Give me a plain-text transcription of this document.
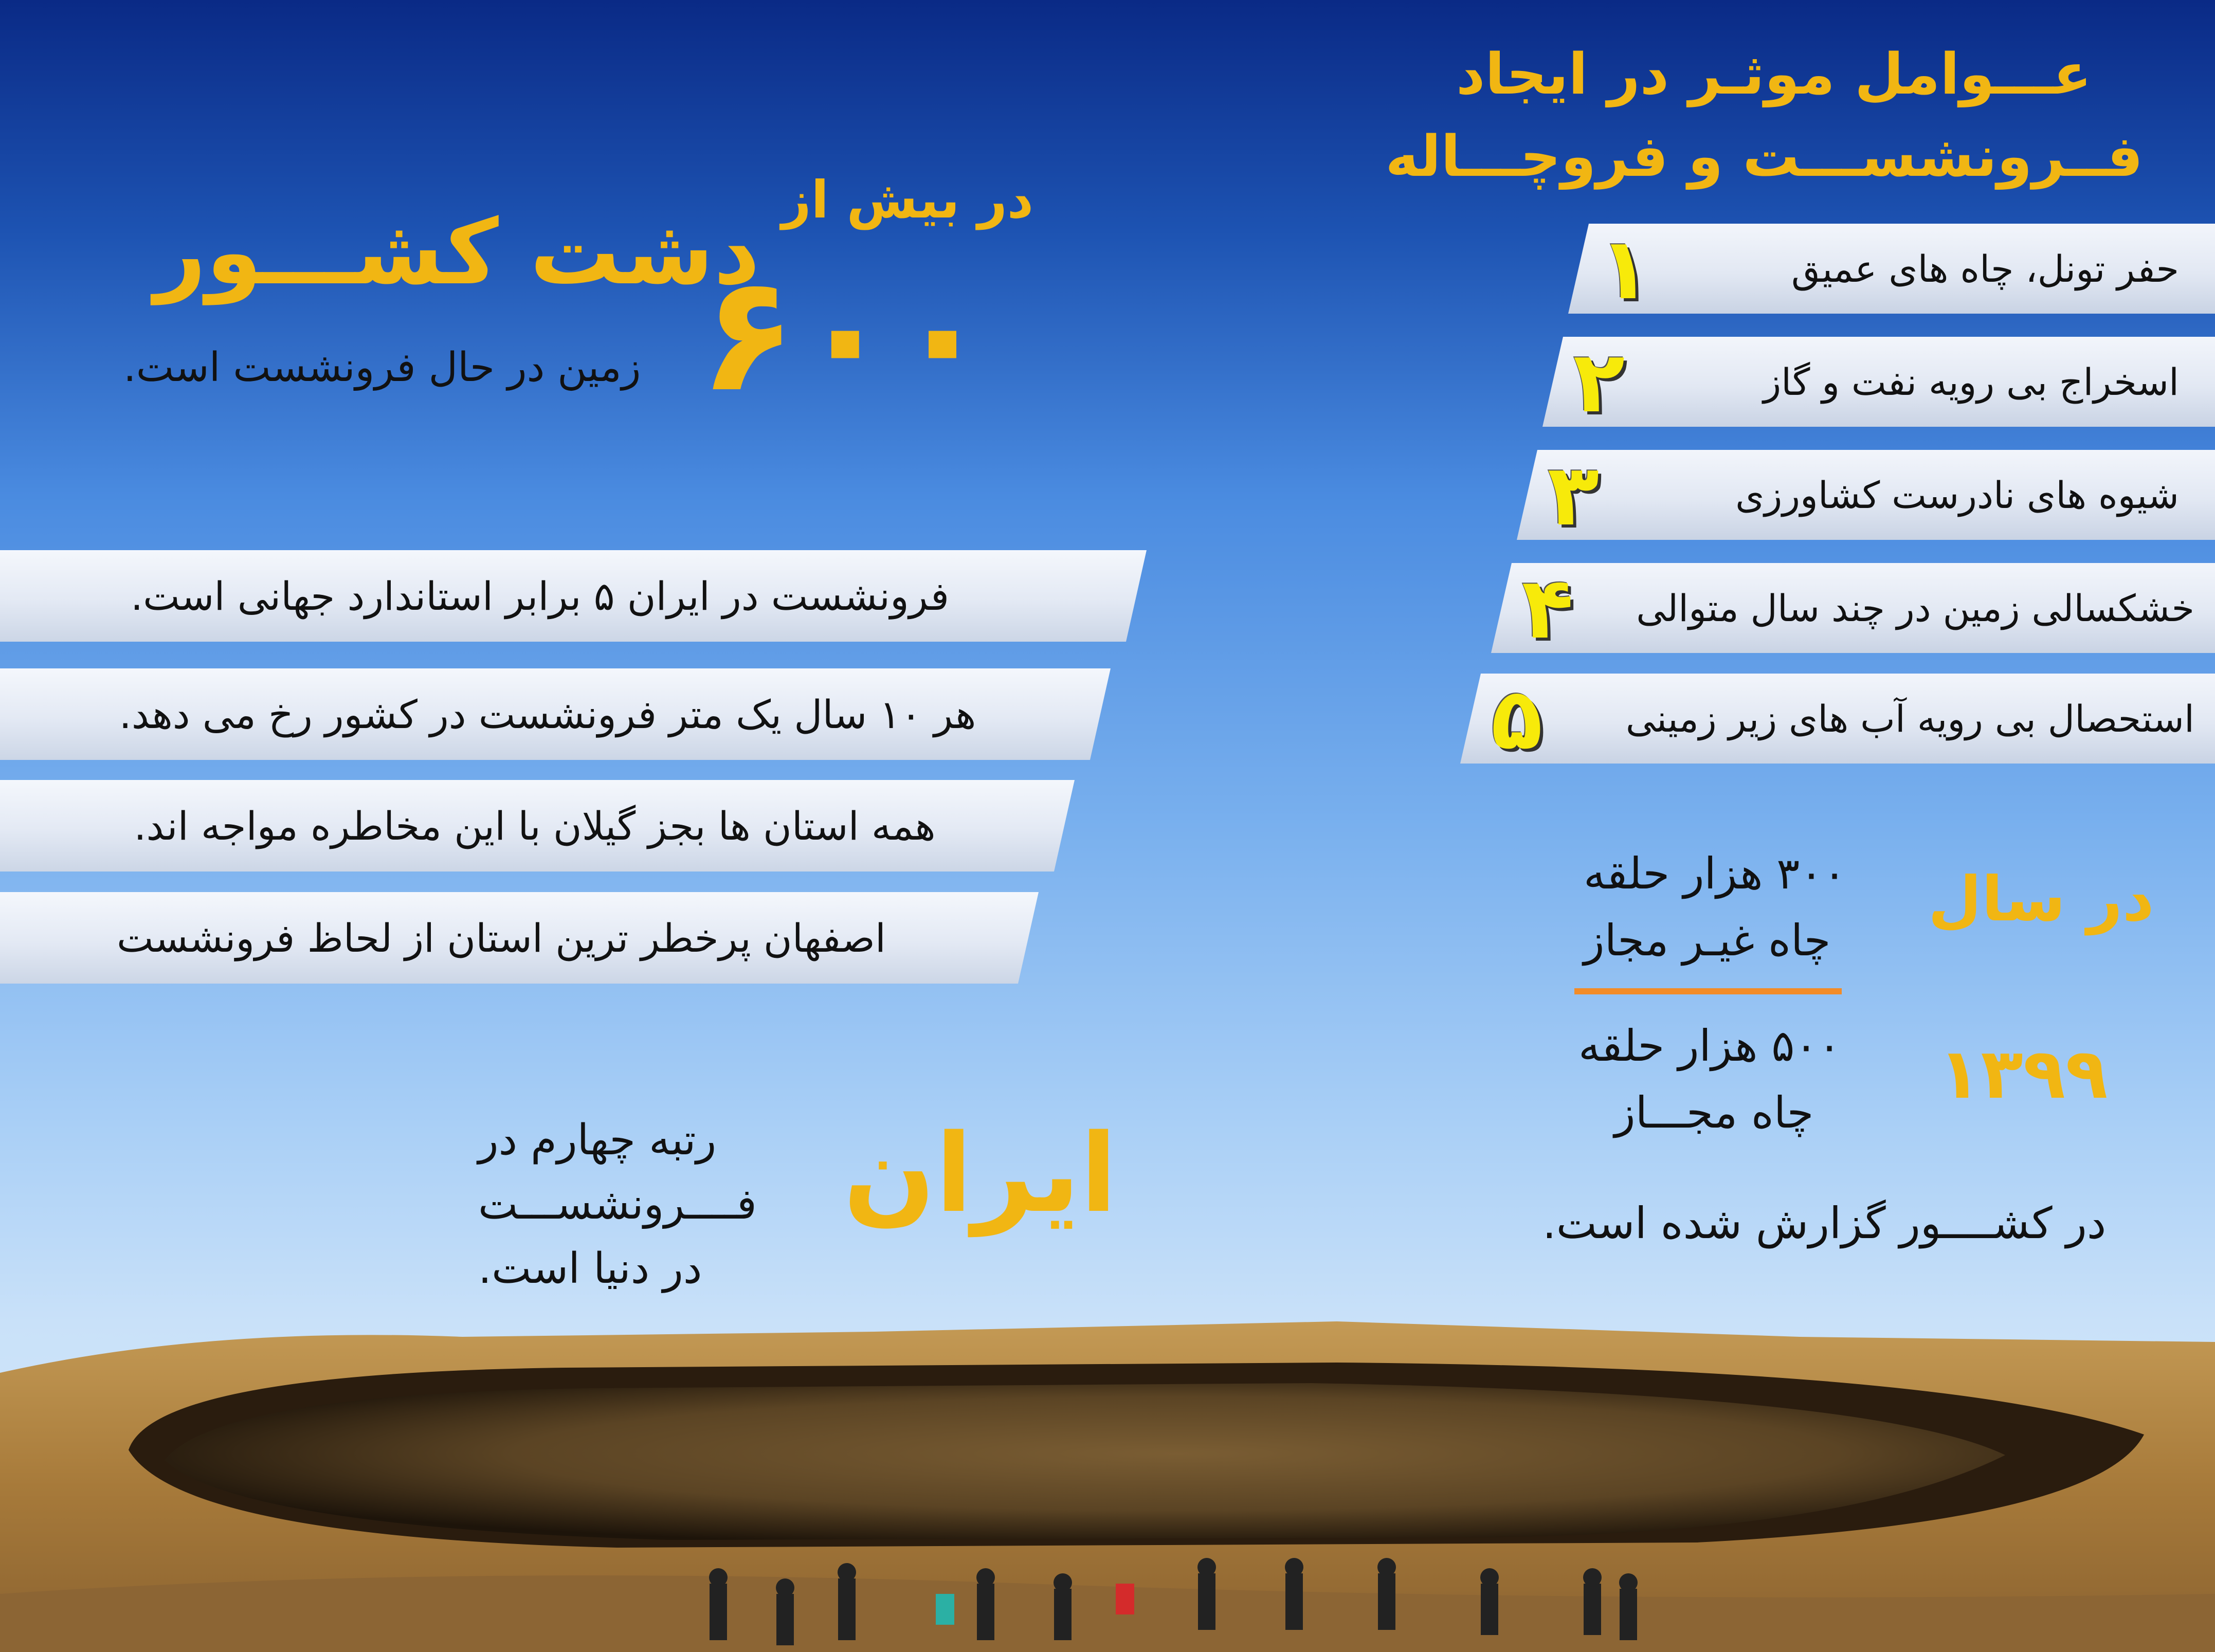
عـــوامل موثـر در ایجاد
فــرونشســـت و فروچـــاله
۱	حفر تونل، چاه های عمیق
۲	اسخراج بی رویه نفت و گاز
۳	شیوه های نادرست کشاورزی
۴	خشکسالی زمین در چند سال متوالی
۵	استحصال بی رویه آب های زیر زمینی
در بیش از
دشت کشـــور
۶۰۰
زمین در حال فرونشست است.
فرونشست در ایران ۵ برابر استاندارد جهانی است.
هر ۱۰ سال یک متر فرونشست در کشور رخ می دهد.
همه استان ها بجز گیلان با این مخاطره مواجه اند.
اصفهان پرخطر ترین استان از لحاظ فرونشست
ایران
رتبه چهارم در
فــــرونشســـت
در دنیا است.
در سال
۱۳۹۹
۳۰۰ هزار حلقه
چاه غیـر مجاز
۵۰۰ هزار حلقه
چاه مجـــاز
در کشــــور گزارش شده است.
